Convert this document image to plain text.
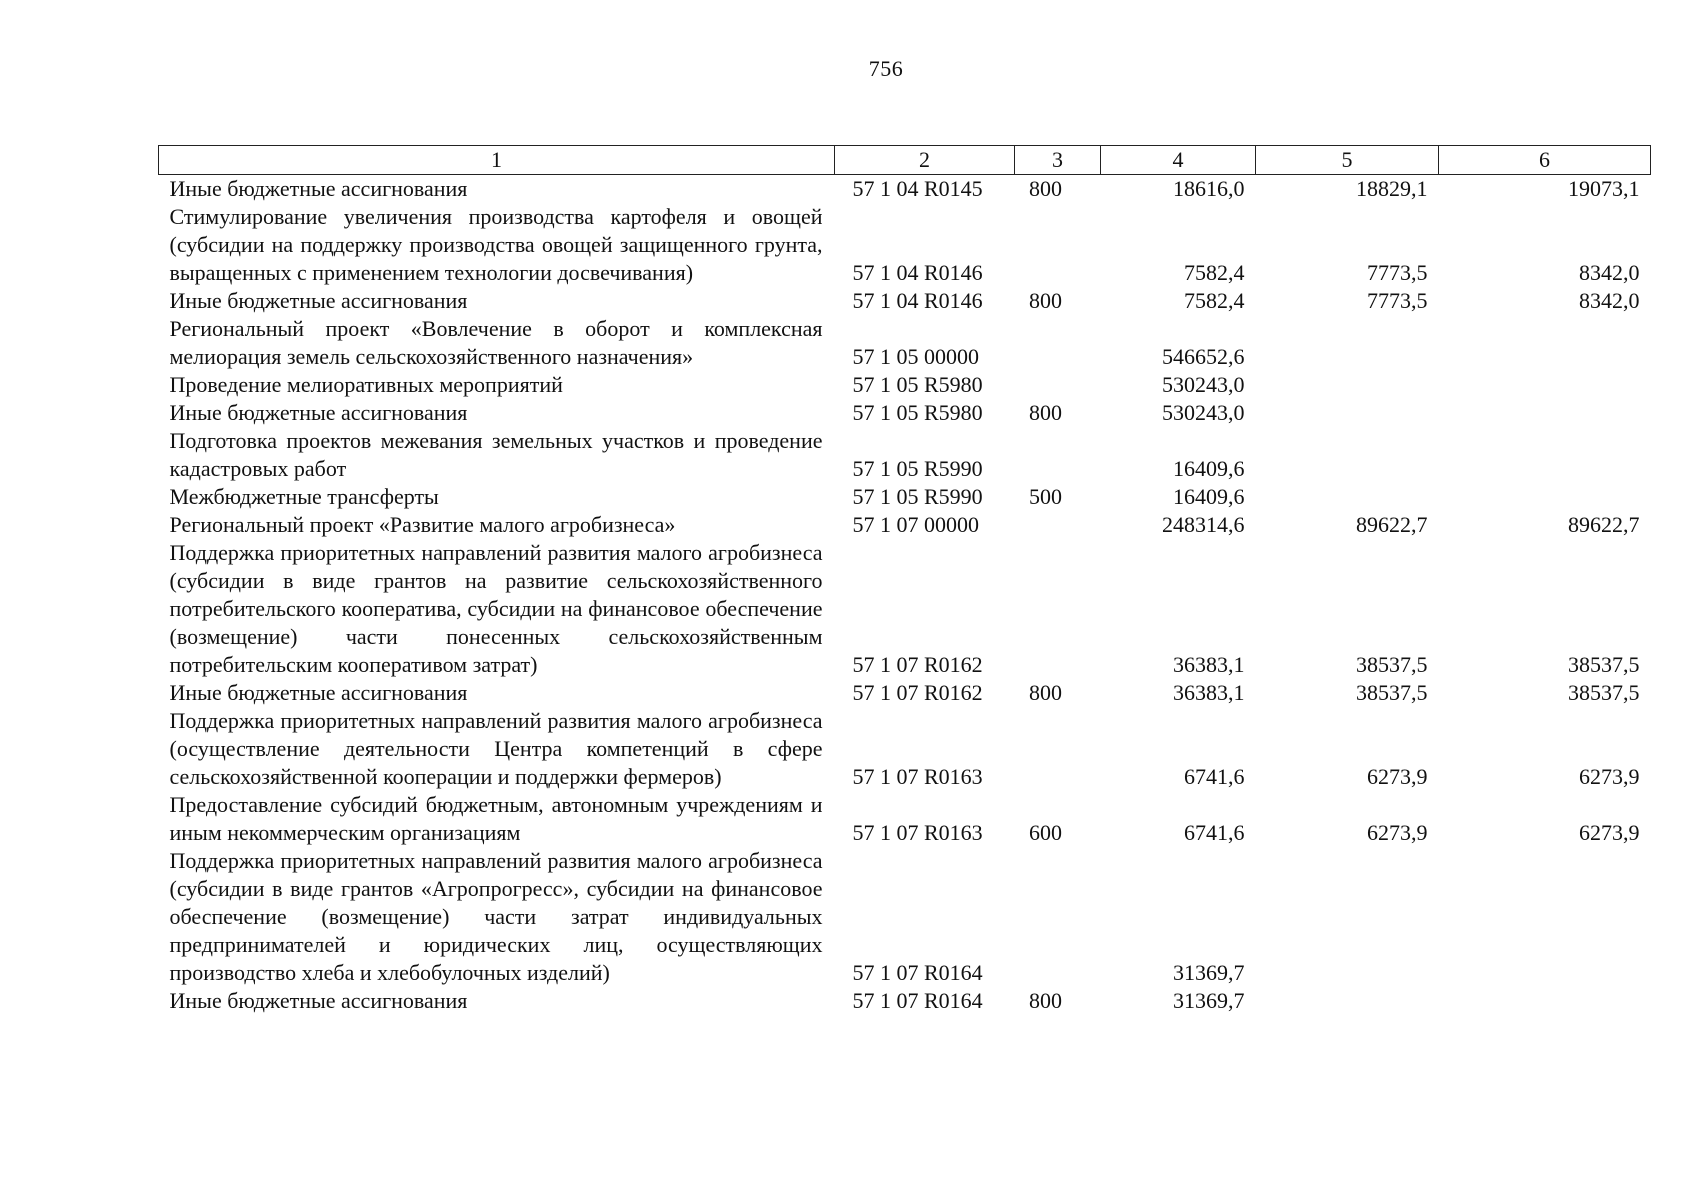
756
1	2	3	4	5	6
Иные бюджетные ассигнования	57 1 04 R0145	800	18616,0	18829,1	19073,1
Стимулирование увеличения производства картофеля и овощей (субсидии на поддержку производства овощей защищенного грунта, выращенных с применением технологии досвечивания)	57 1 04 R0146		7582,4	7773,5	8342,0
Иные бюджетные ассигнования	57 1 04 R0146	800	7582,4	7773,5	8342,0
Региональный проект «Вовлечение в оборот и комплексная мелиорация земель сельскохозяйственного назначения»	57 1 05 00000		546652,6		
Проведение мелиоративных мероприятий	57 1 05 R5980		530243,0		
Иные бюджетные ассигнования	57 1 05 R5980	800	530243,0		
Подготовка проектов межевания земельных участков и проведение кадастровых работ	57 1 05 R5990		16409,6		
Межбюджетные трансферты	57 1 05 R5990	500	16409,6		
Региональный проект «Развитие малого агробизнеса»	57 1 07 00000		248314,6	89622,7	89622,7
Поддержка приоритетных направлений развития малого агробизнеса (субсидии в виде грантов на развитие сельскохозяйственного потребительского кооператива, субсидии на финансовое обеспечение (возмещение) части понесенных сельскохозяйственным потребительским кооперативом затрат)	57 1 07 R0162		36383,1	38537,5	38537,5
Иные бюджетные ассигнования	57 1 07 R0162	800	36383,1	38537,5	38537,5
Поддержка приоритетных направлений развития малого агробизнеса (осуществление деятельности Центра компетенций в сфере сельскохозяйственной кооперации и поддержки фермеров)	57 1 07 R0163		6741,6	6273,9	6273,9
Предоставление субсидий бюджетным, автономным учреждениям и иным некоммерческим организациям	57 1 07 R0163	600	6741,6	6273,9	6273,9
Поддержка приоритетных направлений развития малого агробизнеса (субсидии в виде грантов «Агропрогресс», субсидии на финансовое обеспечение (возмещение) части затрат индивидуальных предпринимателей и юридических лиц, осуществляющих производство хлеба и хлебобулочных изделий)	57 1 07 R0164		31369,7		
Иные бюджетные ассигнования	57 1 07 R0164	800	31369,7		
